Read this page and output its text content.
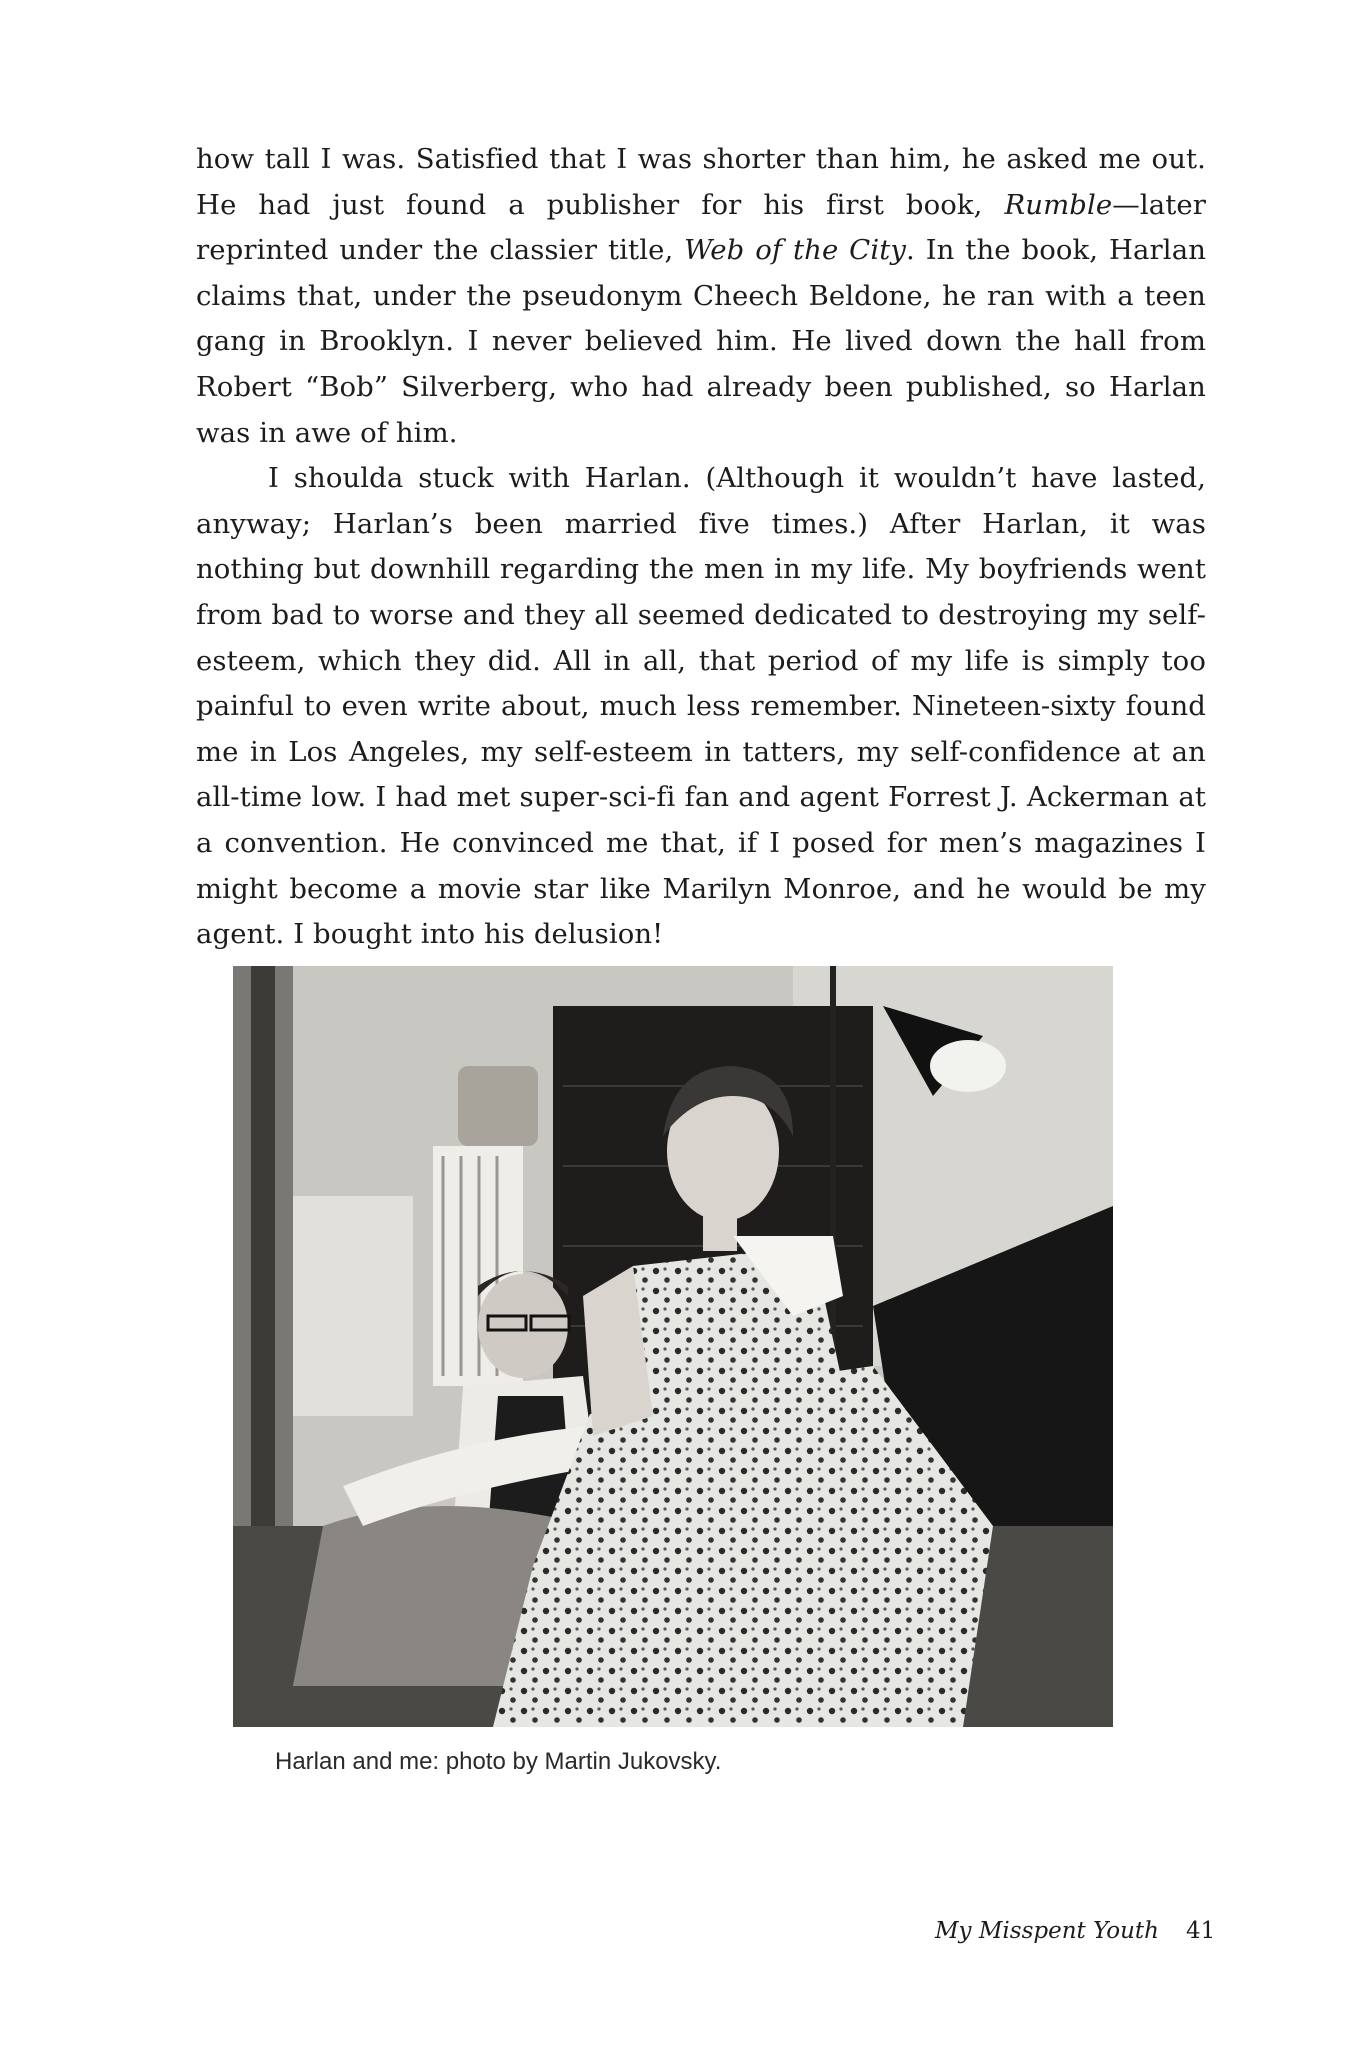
how tall I was. Satisfied that I was shorter than him, he asked me out. He had just found a publisher for his first book, Rumble—later reprinted under the classier title, Web of the City. In the book, Harlan claims that, under the pseudonym Cheech Beldone, he ran with a teen gang in Brooklyn. I never believed him. He lived down the hall from Robert “Bob” Silverberg, who had already been published, so Harlan was in awe of him.

I shoulda stuck with Harlan. (Although it wouldn’t have lasted, anyway; Harlan’s been married five times.) After Harlan, it was nothing but downhill regarding the men in my life. My boyfriends went from bad to worse and they all seemed dedicated to destroying my self-esteem, which they did. All in all, that period of my life is simply too painful to even write about, much less remember. Nineteen-sixty found me in Los Angeles, my self-esteem in tatters, my self-confidence at an all-time low. I had met super-sci-fi fan and agent Forrest J. Ackerman at a convention. He convinced me that, if I posed for men’s magazines I might become a movie star like Marilyn Monroe, and he would be my agent. I bought into his delusion!

Harlan and me: photo by Martin Jukovsky.

My Misspent Youth 41
